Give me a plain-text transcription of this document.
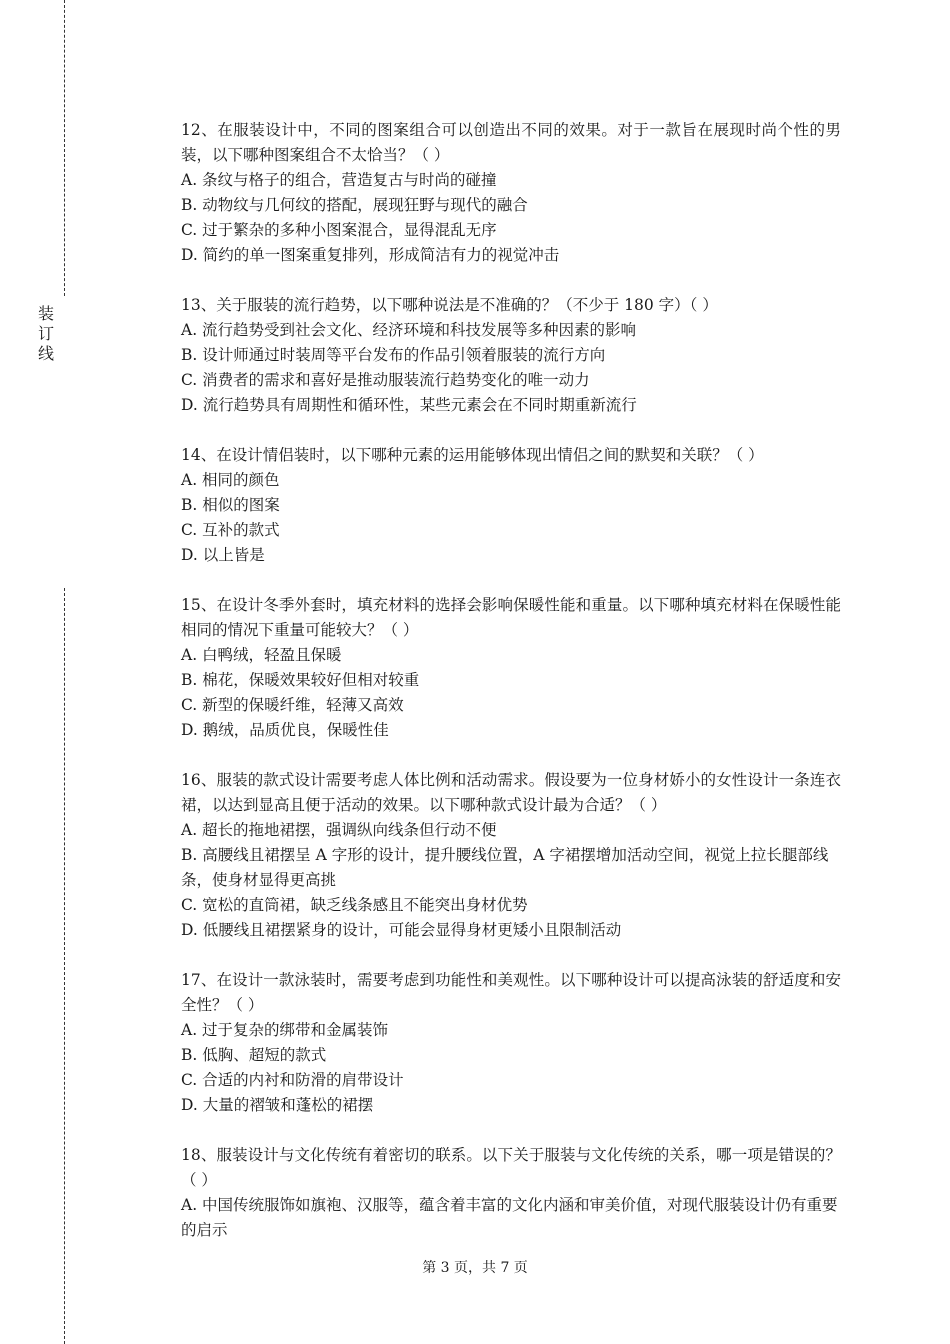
装订线
12、在服装设计中，不同的图案组合可以创造出不同的效果。对于一款旨在展现时尚个性的男装，以下哪种图案组合不太恰当？（ ）
A. 条纹与格子的组合，营造复古与时尚的碰撞
B. 动物纹与几何纹的搭配，展现狂野与现代的融合
C. 过于繁杂的多种小图案混合，显得混乱无序
D. 简约的单一图案重复排列，形成简洁有力的视觉冲击
13、关于服装的流行趋势，以下哪种说法是不准确的？（不少于 180 字）（ ）
A. 流行趋势受到社会文化、经济环境和科技发展等多种因素的影响
B. 设计师通过时装周等平台发布的作品引领着服装的流行方向
C. 消费者的需求和喜好是推动服装流行趋势变化的唯一动力
D. 流行趋势具有周期性和循环性，某些元素会在不同时期重新流行
14、在设计情侣装时，以下哪种元素的运用能够体现出情侣之间的默契和关联？（ ）
A. 相同的颜色
B. 相似的图案
C. 互补的款式
D. 以上皆是
15、在设计冬季外套时，填充材料的选择会影响保暖性能和重量。以下哪种填充材料在保暖性能相同的情况下重量可能较大？（ ）
A. 白鸭绒，轻盈且保暖
B. 棉花，保暖效果较好但相对较重
C. 新型的保暖纤维，轻薄又高效
D. 鹅绒，品质优良，保暖性佳
16、服装的款式设计需要考虑人体比例和活动需求。假设要为一位身材娇小的女性设计一条连衣裙，以达到显高且便于活动的效果。以下哪种款式设计最为合适？（ ）
A. 超长的拖地裙摆，强调纵向线条但行动不便
B. 高腰线且裙摆呈 A 字形的设计，提升腰线位置，A 字裙摆增加活动空间，视觉上拉长腿部线条，使身材显得更高挑
C. 宽松的直筒裙，缺乏线条感且不能突出身材优势
D. 低腰线且裙摆紧身的设计，可能会显得身材更矮小且限制活动
17、在设计一款泳装时，需要考虑到功能性和美观性。以下哪种设计可以提高泳装的舒适度和安全性？（ ）
A. 过于复杂的绑带和金属装饰
B. 低胸、超短的款式
C. 合适的内衬和防滑的肩带设计
D. 大量的褶皱和蓬松的裙摆
18、服装设计与文化传统有着密切的联系。以下关于服装与文化传统的关系，哪一项是错误的？（ ）
A. 中国传统服饰如旗袍、汉服等，蕴含着丰富的文化内涵和审美价值，对现代服装设计仍有重要的启示
第 3 页，共 7 页
